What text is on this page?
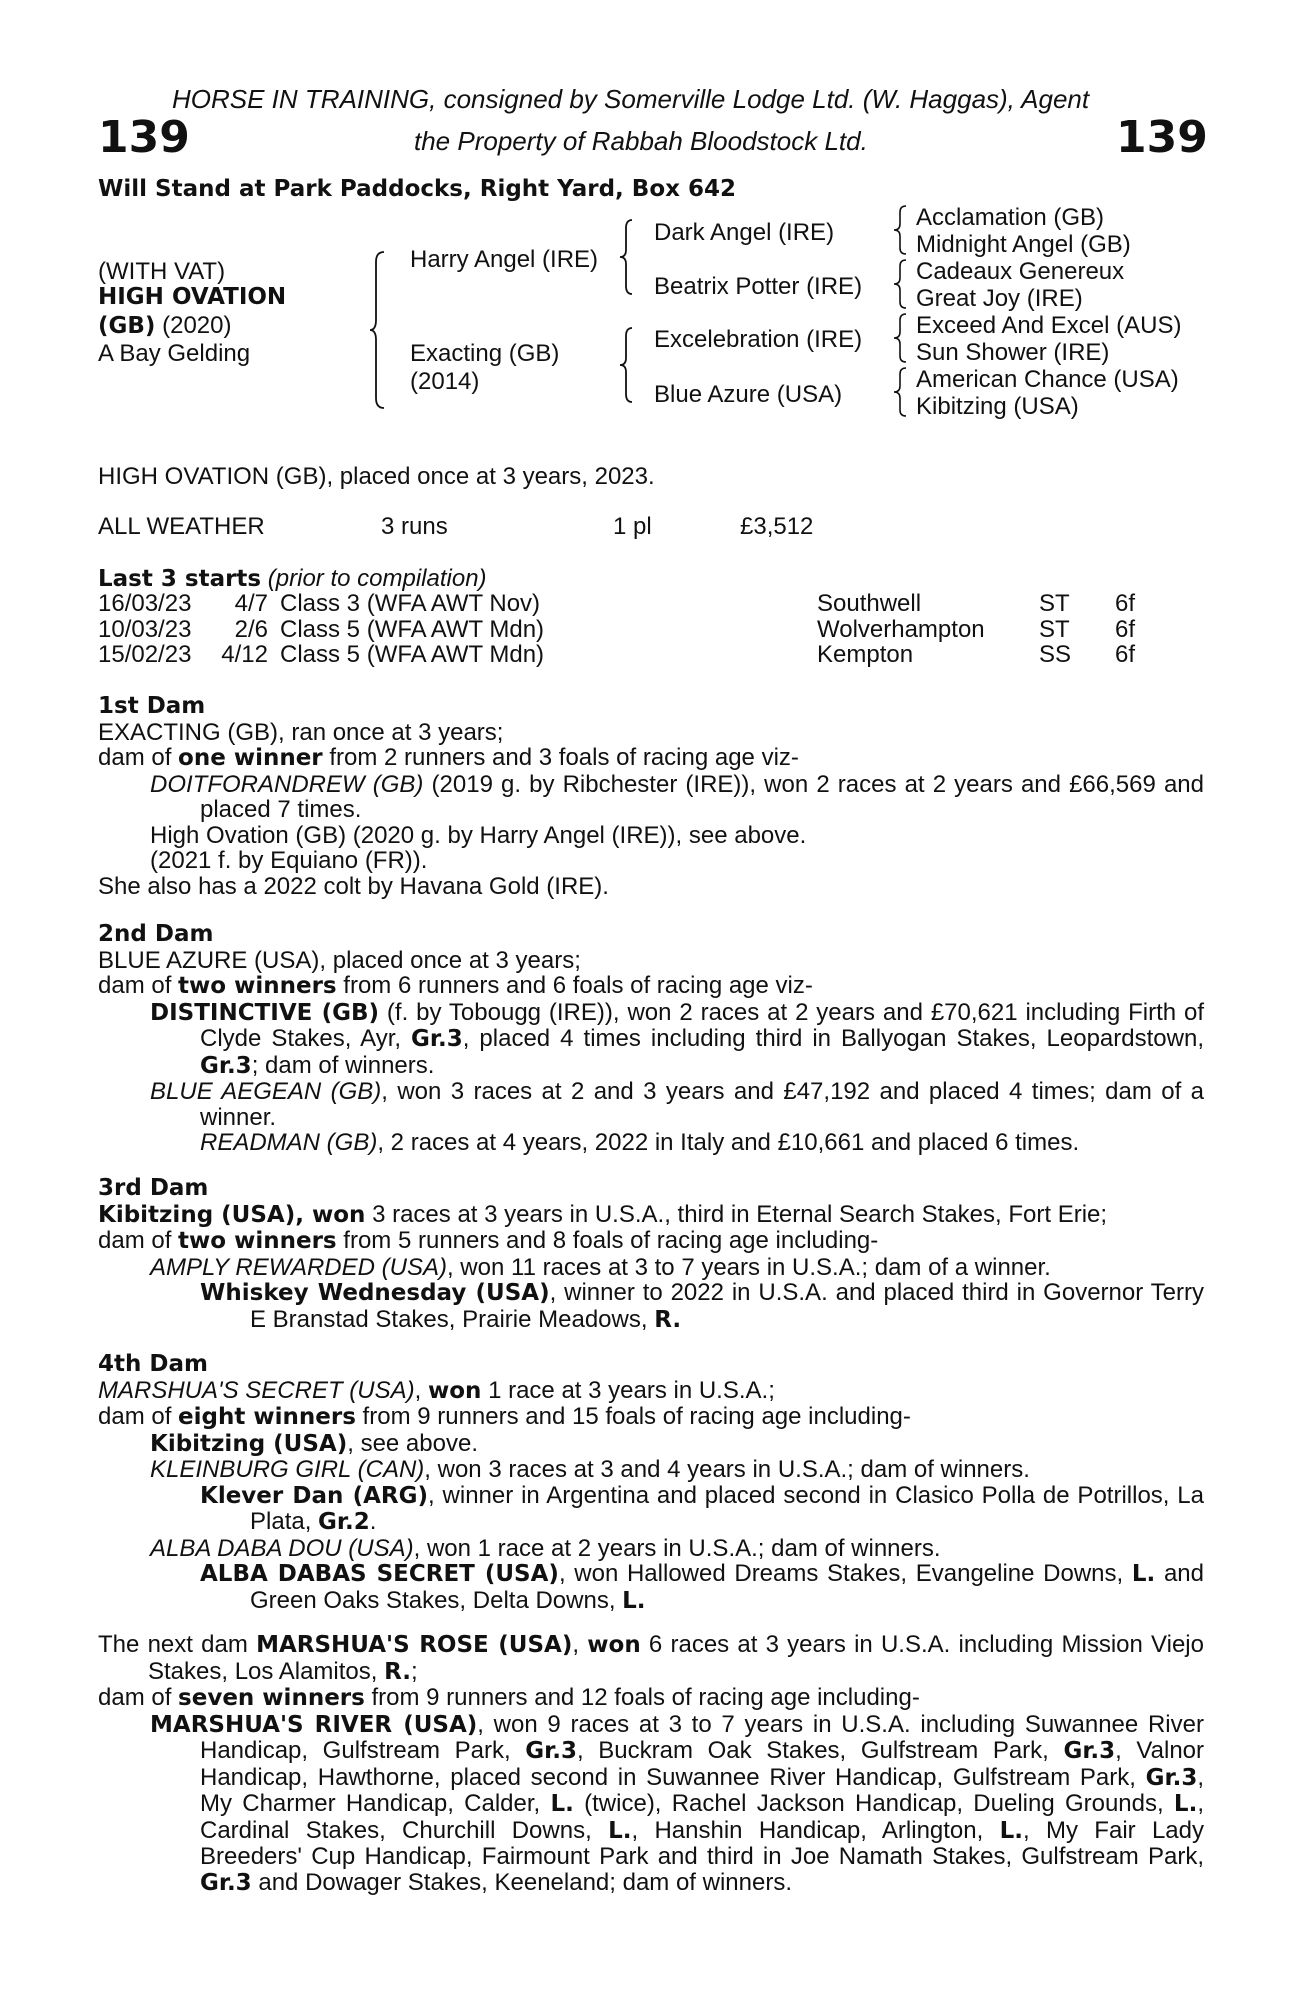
HORSE IN TRAINING, consigned by Somerville Lodge Ltd. (W. Haggas), Agent
139	the Property of Rabbah Bloodstock Ltd.	139
Will Stand at Park Paddocks, Right Yard, Box 642
(WITH VAT)
HIGH OVATION
(GB) (2020)
A Bay Gelding
Harry Angel (IRE)
Exacting (GB)
(2014)
Dark Angel (IRE)
Beatrix Potter (IRE)
Excelebration (IRE)
Blue Azure (USA)
Acclamation (GB)
Midnight Angel (GB)
Cadeaux Genereux
Great Joy (IRE)
Exceed And Excel (AUS)
Sun Shower (IRE)
American Chance (USA)
Kibitzing (USA)
HIGH OVATION (GB), placed once at 3 years, 2023.
ALL WEATHER	3 runs	1 pl	£3,512
Last 3 starts (prior to compilation)
16/03/23	4/7	Class 3 (WFA AWT Nov)	Southwell	ST	6f
10/03/23	2/6	Class 5 (WFA AWT Mdn)	Wolverhampton	ST	6f
15/02/23	4/12	Class 5 (WFA AWT Mdn)	Kempton	SS	6f
1st Dam
EXACTING (GB), ran once at 3 years;
dam of one winner from 2 runners and 3 foals of racing age viz-
DOITFORANDREW (GB) (2019 g. by Ribchester (IRE)), won 2 races at 2 years and £66,569 and placed 7 times.
High Ovation (GB) (2020 g. by Harry Angel (IRE)), see above.
(2021 f. by Equiano (FR)).
She also has a 2022 colt by Havana Gold (IRE).
2nd Dam
BLUE AZURE (USA), placed once at 3 years;
dam of two winners from 6 runners and 6 foals of racing age viz-
DISTINCTIVE (GB) (f. by Tobougg (IRE)), won 2 races at 2 years and £70,621 including Firth of Clyde Stakes, Ayr, Gr.3, placed 4 times including third in Ballyogan Stakes, Leopardstown, Gr.3; dam of winners.
BLUE AEGEAN (GB), won 3 races at 2 and 3 years and £47,192 and placed 4 times; dam of a winner.
READMAN (GB), 2 races at 4 years, 2022 in Italy and £10,661 and placed 6 times.
3rd Dam
Kibitzing (USA), won 3 races at 3 years in U.S.A., third in Eternal Search Stakes, Fort Erie;
dam of two winners from 5 runners and 8 foals of racing age including-
AMPLY REWARDED (USA), won 11 races at 3 to 7 years in U.S.A.; dam of a winner.
Whiskey Wednesday (USA), winner to 2022 in U.S.A. and placed third in Governor Terry E Branstad Stakes, Prairie Meadows, R.
4th Dam
MARSHUA'S SECRET (USA), won 1 race at 3 years in U.S.A.;
dam of eight winners from 9 runners and 15 foals of racing age including-
Kibitzing (USA), see above.
KLEINBURG GIRL (CAN), won 3 races at 3 and 4 years in U.S.A.; dam of winners.
Klever Dan (ARG), winner in Argentina and placed second in Clasico Polla de Potrillos, La Plata, Gr.2.
ALBA DABA DOU (USA), won 1 race at 2 years in U.S.A.; dam of winners.
ALBA DABAS SECRET (USA), won Hallowed Dreams Stakes, Evangeline Downs, L. and Green Oaks Stakes, Delta Downs, L.
The next dam MARSHUA'S ROSE (USA), won 6 races at 3 years in U.S.A. including Mission Viejo Stakes, Los Alamitos, R.;
dam of seven winners from 9 runners and 12 foals of racing age including-
MARSHUA'S RIVER (USA), won 9 races at 3 to 7 years in U.S.A. including Suwannee River Handicap, Gulfstream Park, Gr.3, Buckram Oak Stakes, Gulfstream Park, Gr.3, Valnor Handicap, Hawthorne, placed second in Suwannee River Handicap, Gulfstream Park, Gr.3, My Charmer Handicap, Calder, L. (twice), Rachel Jackson Handicap, Dueling Grounds, L., Cardinal Stakes, Churchill Downs, L., Hanshin Handicap, Arlington, L., My Fair Lady Breeders' Cup Handicap, Fairmount Park and third in Joe Namath Stakes, Gulfstream Park, Gr.3 and Dowager Stakes, Keeneland; dam of winners.
